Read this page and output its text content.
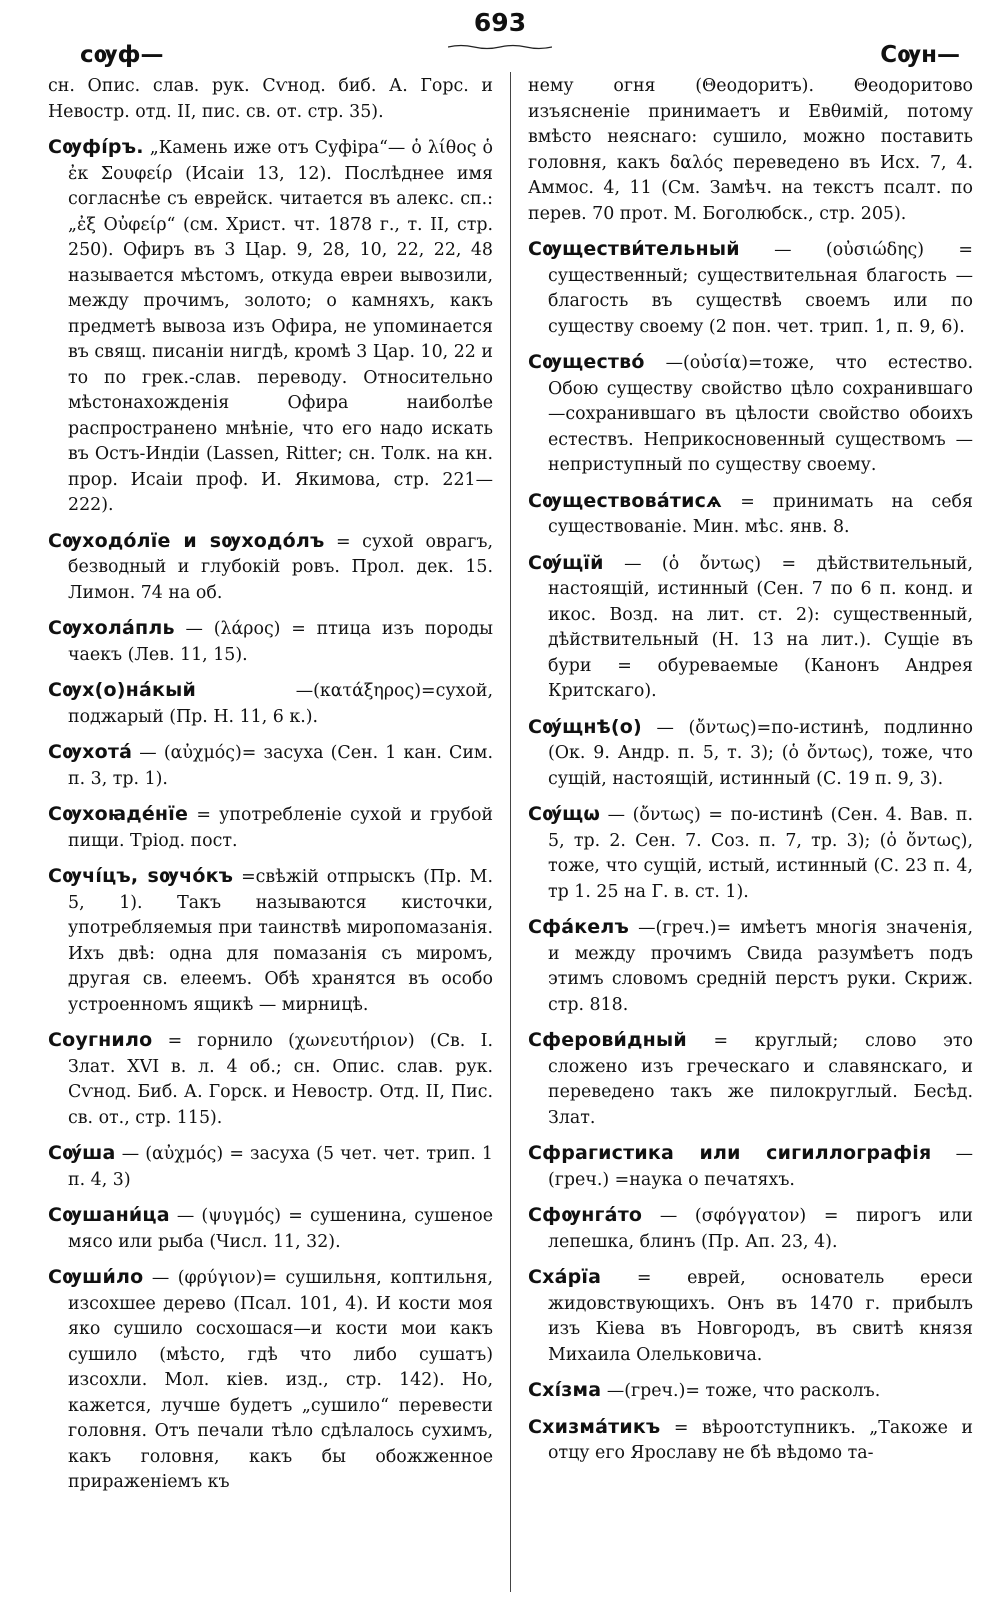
693
сѹф—	Сѹн—

сн. Опис. слав. рук. Сѵнод. биб. А. Горс. и Невостр. отд. II, пис. св. от. стр. 35).

Сѹфі́ръ. „Камень иже отъ Суфіра“— ὁ λίθος ὁ ἐκ Σουφείρ (Исаіи 13, 12). Послѣднее имя согласнѣе съ еврейск. читается въ алекс. сп.: „ἐξ Οὐφείρ“ (см. Христ. чт. 1878 г., т. II, стр. 250). Офиръ въ 3 Цар. 9, 28, 10, 22, 22, 48 называется мѣстомъ, откуда евреи вывозили, между прочимъ, золото; о камняхъ, какъ предметѣ вывоза изъ Офира, не упоминается въ свящ. писаніи нигдѣ, кромѣ 3 Цар. 10, 22 и то по грек.-слав. переводу. Относительно мѣстонахожденія Офира наиболѣе распространено мнѣніе, что его надо искать въ Остъ-Индіи (Lassen, Ritter; сн. Толк. на кн. прор. Исаіи проф. И. Якимова, стр. 221—222).

Сѹходо́лїе и ѕѹходо́лъ = сухой оврагъ, безводный и глубокій ровъ. Прол. дек. 15. Лимон. 74 на об.

Сѹхола́пль — (λάρος) = птица изъ породы чаекъ (Лев. 11, 15).

Сѹх(о)на́кый	—(κατάξηρος)=сухой, поджарый (Пр. Н. 11, 6 к.).

Сѹхота́ — (αὐχμός)= засуха (Сен. 1 кан. Сим. п. 3, тр. 1).

Сѹхоꙗде́нїе = употребленіе сухой и грубой пищи. Тріод. пост.

Сѹчі́цъ, ѕѹчо́къ =свѣжій отпрыскъ (Пр. М. 5, 1). Такъ называются кисточки, употребляемыя при таинствѣ миропомазанія. Ихъ двѣ: одна для помазанія съ миромъ, другая св. елеемъ. Обѣ хранятся въ особо устроенномъ ящикѣ — мирницѣ.

Соугнило = горнило (χωνευτήριον) (Св. І. Злат. XVI в. л. 4 об.; сн. Опис. слав. рук. Сѵнод. Биб. А. Горск. и Невостр. Отд. II, Пис. св. от., стр. 115).

Сѹ́ша — (αὐχμός) = засуха (5 чет. чет. трип. 1 п. 4, 3)

Сѹшани́ца — (ψυγμός) = сушенина, сушеное мясо или рыба (Числ. 11, 32).

Сѹши́ло — (φρύγιον)= сушильня, коптильня, изсохшее дерево (Псал. 101, 4). И кости моя яко сушило сосхошася—и кости мои какъ сушило (мѣсто, гдѣ что либо сушатъ) изсохли. Мол. кіев. изд., стр. 142). Но, кажется, лучше будетъ „сушило“ перевести головня. Отъ печали тѣло сдѣлалось сухимъ, какъ головня, какъ бы обожженное прираженіемъ къ

нему огня (Θеодоритъ). Θеодоритово изъясненіе принимаетъ и Евθимій, потому вмѣсто неяснаго: сушило, можно поставить головня, какъ δαλός переведено въ Исх. 7, 4. Аммос. 4, 11 (См. Замѣч. на текстъ псалт. по перев. 70 прот. М. Боголюбск., стр. 205).

Сѹществи́тельный — (οὐσιώδης) = существенный; существительная благость —благость въ существѣ своемъ или по существу своему (2 пон. чет. трип. 1, п. 9, 6).

Сѹщество́ —(οὐσία)=тоже, что естество. Обою существу свойство цѣло сохранившаго—сохранившаго въ цѣлости свойство обоихъ естествъ. Неприкосновенный существомъ — неприступный по существу своему.

Сѹществова́тисѧ = принимать на себя существованіе. Мин. мѣс. янв. 8.

Сѹ́щїй — (ὁ ὄντως) = дѣйствительный, настоящій, истинный (Сен. 7 по 6 п. конд. и икос. Возд. на лит. ст. 2): существенный, дѣйствительный (Н. 13 на лит.). Сущіе въ бури = обуреваемые (Канонъ Андрея Критскаго).

Сѹ́щнѣ(о) — (ὄντως)=по-истинѣ, подлинно (Ок. 9. Андр. п. 5, т. 3); (ὁ ὄντως), тоже, что сущій, настоящій, истинный (С. 19 п. 9, 3).

Сѹ́щѡ — (ὄντως) = по-истинѣ (Сен. 4. Вав. п. 5, тр. 2. Сен. 7. Соз. п. 7, тр. 3); (ὁ ὄντως), тоже, что сущій, истый, истинный (С. 23 п. 4, тр 1. 25 на Г. в. ст. 1).

Сфа́келъ —(греч.)= имѣетъ многія значенія, и между прочимъ Свида разумѣетъ подъ этимъ словомъ средній перстъ руки. Скриж. стр. 818.

Сферови́дный = круглый; слово это сложено изъ греческаго и славянскаго, и переведено такъ же пилокруглый. Бесѣд. Злат.

Сфрагистика или сигиллографія —(греч.) =наука о печатяхъ.

Сфѹнга́то — (σφόγγατον) = пирогъ или лепешка, блинъ (Пр. Ап. 23, 4).

Сха́рїа = еврей, основатель ереси жидовствующихъ. Онъ въ 1470 г. прибылъ изъ Кіева въ Новгородъ, въ свитѣ князя Михаила Олельковича.

Схі́зма —(греч.)= тоже, что расколъ.

Схизма́тикъ = вѣроотступникъ. „Такоже и отцу его Ярославу не бѣ вѣдомо та-
